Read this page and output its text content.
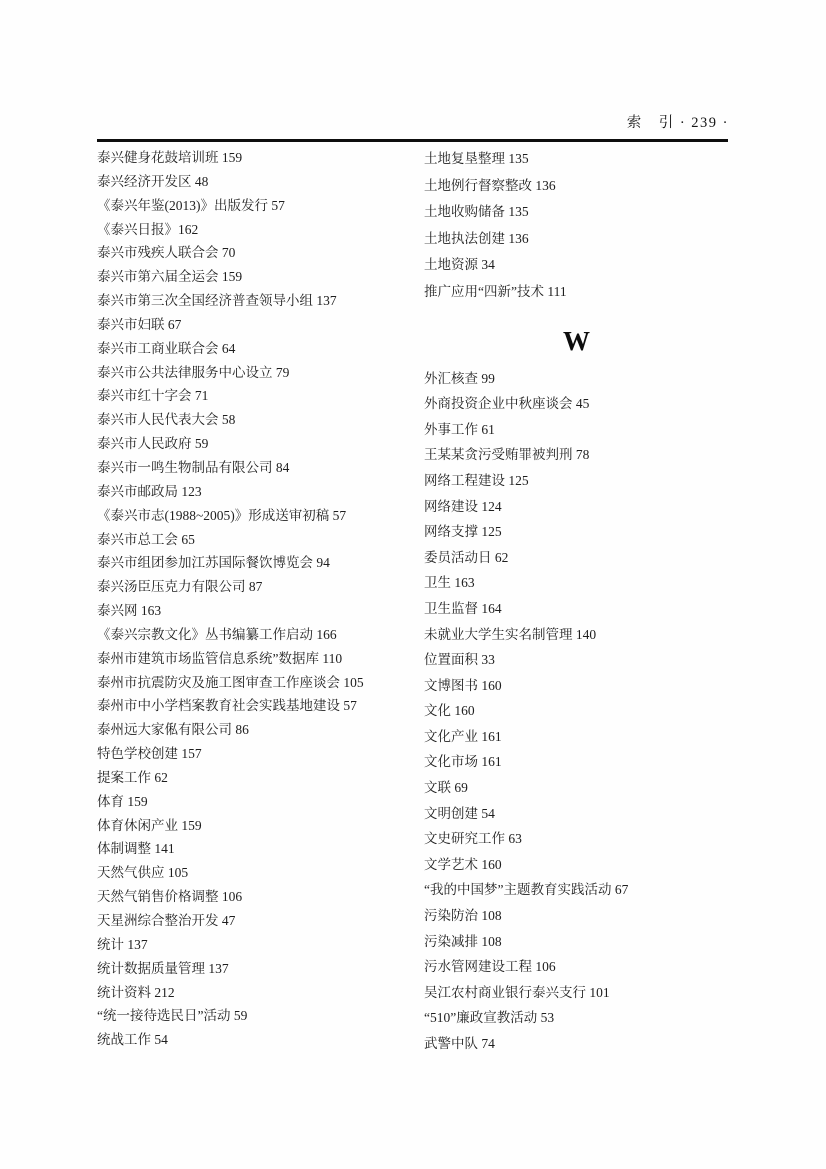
索　引 · 239 ·
泰兴健身花鼓培训班 159
泰兴经济开发区 48
《泰兴年鉴(2013)》出版发行 57
《泰兴日报》162
泰兴市残疾人联合会 70
泰兴市第六届全运会 159
泰兴市第三次全国经济普查领导小组 137
泰兴市妇联 67
泰兴市工商业联合会 64
泰兴市公共法律服务中心设立 79
泰兴市红十字会 71
泰兴市人民代表大会 58
泰兴市人民政府 59
泰兴市一鸣生物制品有限公司 84
泰兴市邮政局 123
《泰兴市志(1988~2005)》形成送审初稿 57
泰兴市总工会 65
泰兴市组团参加江苏国际餐饮博览会 94
泰兴汤臣压克力有限公司 87
泰兴网 163
《泰兴宗教文化》丛书编纂工作启动 166
泰州市建筑市场监管信息系统”数据库 110
泰州市抗震防灾及施工图审查工作座谈会 105
泰州市中小学档案教育社会实践基地建设 57
泰州远大家俬有限公司 86
特色学校创建 157
提案工作 62
体育 159
体育休闲产业 159
体制调整 141
天然气供应 105
天然气销售价格调整 106
天星洲综合整治开发 47
统计 137
统计数据质量管理 137
统计资料 212
“统一接待选民日”活动 59
统战工作 54
土地复垦整理 135
土地例行督察整改 136
土地收购储备 135
土地执法创建 136
土地资源 34
推广应用“四新”技术 111
W
外汇核查 99
外商投资企业中秋座谈会 45
外事工作 61
王某某贪污受贿罪被判刑 78
网络工程建设 125
网络建设 124
网络支撑 125
委员活动日 62
卫生 163
卫生监督 164
未就业大学生实名制管理 140
位置面积 33
文博图书 160
文化 160
文化产业 161
文化市场 161
文联 69
文明创建 54
文史研究工作 63
文学艺术 160
“我的中国梦”主题教育实践活动 67
污染防治 108
污染减排 108
污水管网建设工程 106
吴江农村商业银行泰兴支行 101
“510”廉政宣教活动 53
武警中队 74
